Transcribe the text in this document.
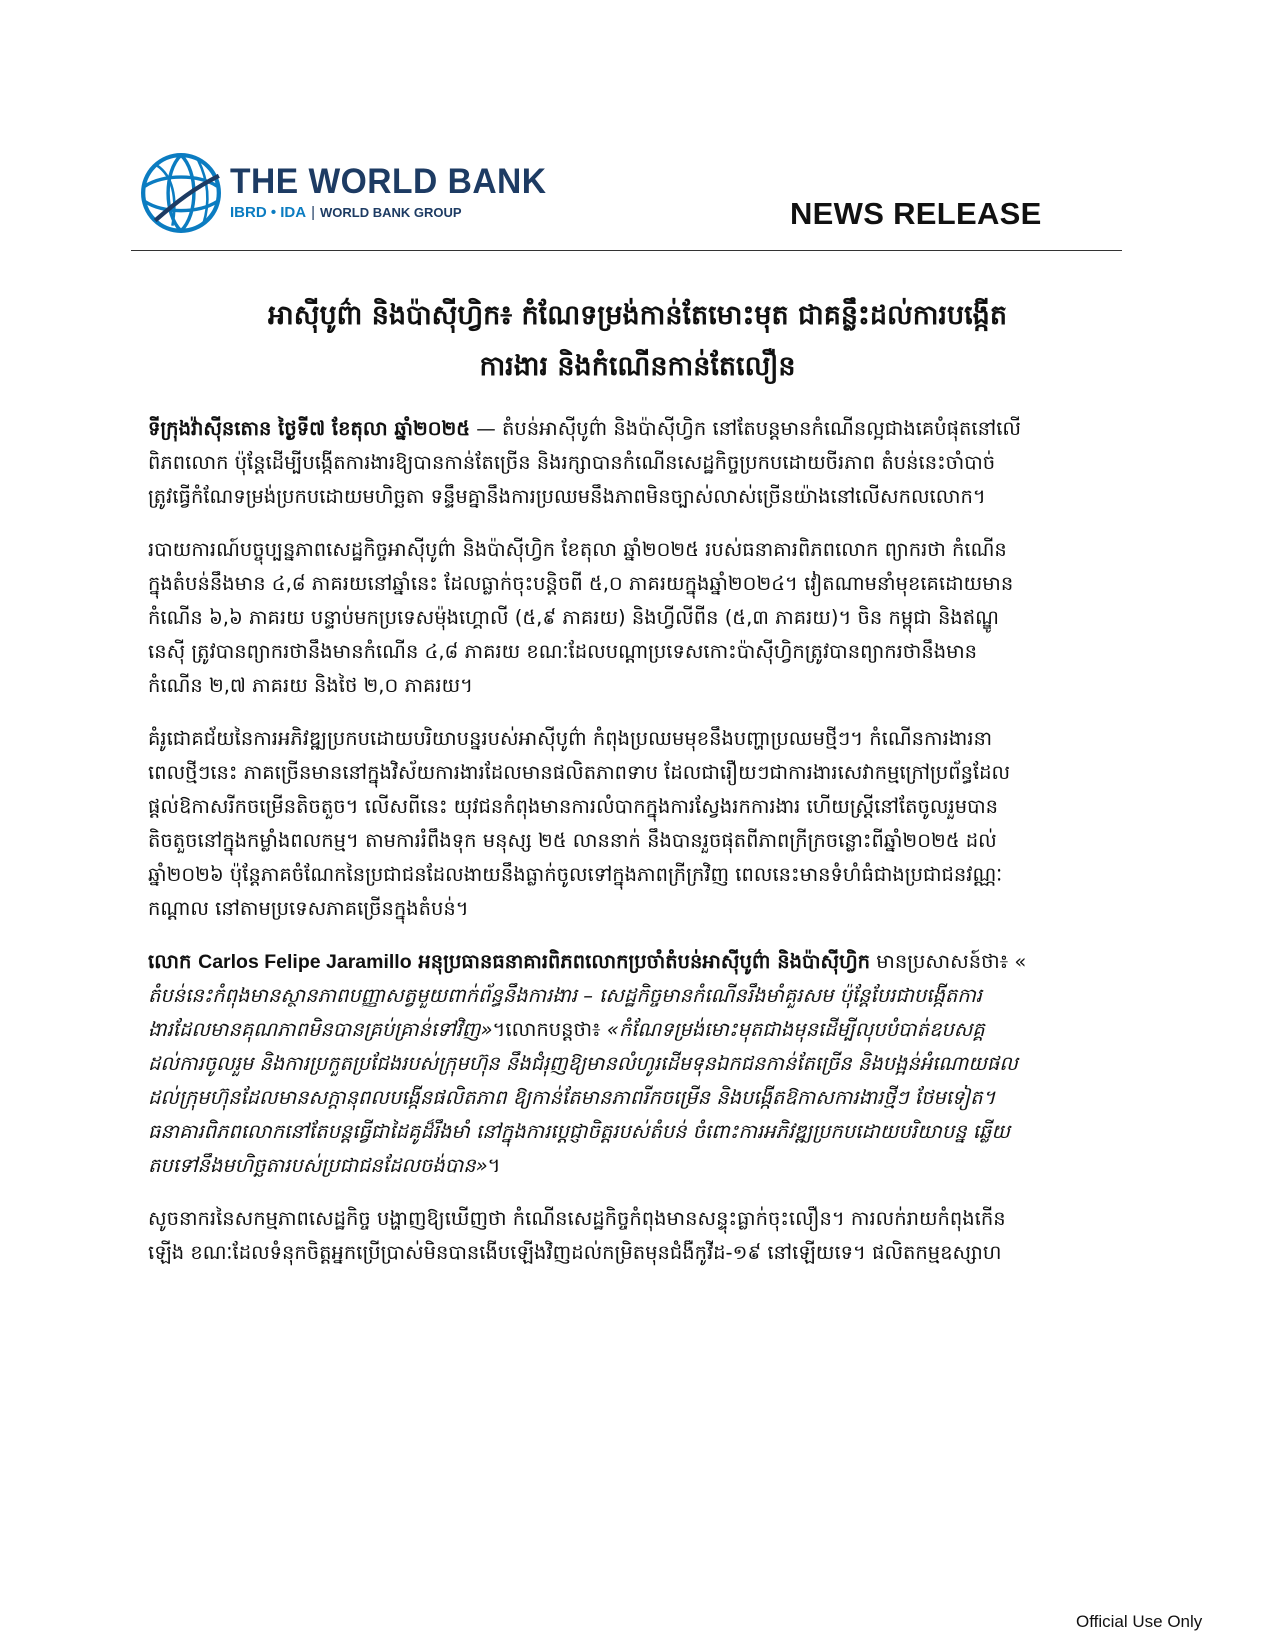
THE WORLD BANK
IBRD • IDA | WORLD BANK GROUP	NEWS RELEASE
អាស៊ីបូព៌ា និងប៉ាស៊ីហ្វិក៖ កំណែទម្រង់កាន់តែមោះមុត ជាគន្លឹះដល់ការបង្កើត
ការងារ និងកំណើនកាន់តែលឿន
ទីក្រុងវ៉ាស៊ីនតោន ថ្ងៃទី៧ ខែតុលា ឆ្នាំ២០២៥ — តំបន់អាស៊ីបូព៌ា និងប៉ាស៊ីហ្វិក នៅតែបន្តមានកំណើនល្អជាងគេបំផុតនៅលើ
ពិភពលោក ប៉ុន្តែដើម្បីបង្កើតការងារឱ្យបានកាន់តែច្រើន និងរក្សាបានកំណើនសេដ្ឋកិច្ចប្រកបដោយចីរភាព តំបន់នេះចាំបាច់
ត្រូវធ្វើកំណែទម្រង់ប្រកបដោយមហិច្ឆតា ទន្ទឹមគ្នានឹងការប្រឈមនឹងភាពមិនច្បាស់លាស់ច្រើនយ៉ាងនៅលើសកលលោក។
របាយការណ៍បច្ចុប្បន្នភាពសេដ្ឋកិច្ចអាស៊ីបូព៌ា និងប៉ាស៊ីហ្វិក ខែតុលា ឆ្នាំ២០២៥ របស់ធនាគារពិភពលោក ព្យាករថា កំណើន
ក្នុងតំបន់នឹងមាន ៤,៨ ភាគរយនៅឆ្នាំនេះ ដែលធ្លាក់ចុះបន្តិចពី ៥,០ ភាគរយក្នុងឆ្នាំ២០២៤។ វៀតណាមនាំមុខគេដោយមាន
កំណើន ៦,៦ ភាគរយ បន្ទាប់មកប្រទេសម៉ុងហ្គោលី (៥,៩ ភាគរយ) និងហ្វីលីពីន (៥,៣ ភាគរយ)។ ចិន កម្ពុជា និងឥណ្ឌូ
នេស៊ី ត្រូវបានព្យាករថានឹងមានកំណើន ៤,៨ ភាគរយ ខណៈដែលបណ្ដាប្រទេសកោះប៉ាស៊ីហ្វិកត្រូវបានព្យាករថានឹងមាន
កំណើន ២,៧ ភាគរយ និងថៃ ២,០ ភាគរយ។
គំរូជោគជ័យនៃការអភិវឌ្ឍប្រកបដោយបរិយាបន្នរបស់អាស៊ីបូព៌ា កំពុងប្រឈមមុខនឹងបញ្ហាប្រឈមថ្មីៗ។ កំណើនការងារនា
ពេលថ្មីៗនេះ ភាគច្រើនមាននៅក្នុងវិស័យការងារដែលមានផលិតភាពទាប ដែលជារឿយៗជាការងារសេវាកម្មក្រៅប្រព័ន្ធដែល
ផ្ដល់ឱកាសរីកចម្រើនតិចតួច។ លើសពីនេះ យុវជនកំពុងមានការលំបាកក្នុងការស្វែងរកការងារ ហើយស្ត្រីនៅតែចូលរួមបាន
តិចតួចនៅក្នុងកម្លាំងពលកម្ម។ តាមការរំពឹងទុក មនុស្ស ២៥ លាននាក់ នឹងបានរួចផុតពីភាពក្រីក្រចន្លោះពីឆ្នាំ២០២៥ ដល់
ឆ្នាំ២០២៦ ប៉ុន្តែភាគចំណែកនៃប្រជាជនដែលងាយនឹងធ្លាក់ចូលទៅក្នុងភាពក្រីក្រវិញ ពេលនេះមានទំហំធំជាងប្រជាជនវណ្ណៈ
កណ្ដាល នៅតាមប្រទេសភាគច្រើនក្នុងតំបន់។
លោក Carlos Felipe Jaramillo អនុប្រធានធនាគារពិភពលោកប្រចាំតំបន់អាស៊ីបូព៌ា និងប៉ាស៊ីហ្វិក មានប្រសាសន៍ថា៖ «
តំបន់នេះកំពុងមានស្ថានភាពបញ្ញាសត្វមួយពាក់ព័ន្ធនឹងការងារ – សេដ្ឋកិច្ចមានកំណើនរឹងមាំគួរសម ប៉ុន្តែបែរជាបង្កើតការ
ងារដែលមានគុណភាពមិនបានគ្រប់គ្រាន់ទៅវិញ»។លោកបន្តថា៖ «កំណែទម្រង់មោះមុតជាងមុនដើម្បីលុបបំបាត់ឧបសគ្គ
ដល់ការចូលរួម និងការប្រកួតប្រជែងរបស់ក្រុមហ៊ុន នឹងជំរុញឱ្យមានលំហូរដើមទុនឯកជនកាន់តែច្រើន និងបង្អន់អំណោយផល
ដល់ក្រុមហ៊ុនដែលមានសក្ដានុពលបង្កើនផលិតភាព ឱ្យកាន់តែមានភាពរីកចម្រើន និងបង្កើតឱកាសការងារថ្មីៗ ថែមទៀត។
ធនាគារពិភពលោកនៅតែបន្តធ្វើជាដៃគូដ៏រឹងមាំ នៅក្នុងការប្ដេជ្ញាចិត្តរបស់តំបន់ ចំពោះការអភិវឌ្ឍប្រកបដោយបរិយាបន្ន ឆ្លើយ
តបទៅនឹងមហិច្ឆតារបស់ប្រជាជនដែលចង់បាន»។
សូចនាករនៃសកម្មភាពសេដ្ឋកិច្ច បង្ហាញឱ្យឃើញថា កំណើនសេដ្ឋកិច្ចកំពុងមានសន្ទុះធ្លាក់ចុះលឿន។ ការលក់រាយកំពុងកើន
ឡើង ខណៈដែលទំនុកចិត្តអ្នកប្រើប្រាស់មិនបានងើបឡើងវិញដល់កម្រិតមុនជំងឺកូវីដ-១៩ នៅឡើយទេ។ ផលិតកម្មឧស្សាហ
Official Use Only
